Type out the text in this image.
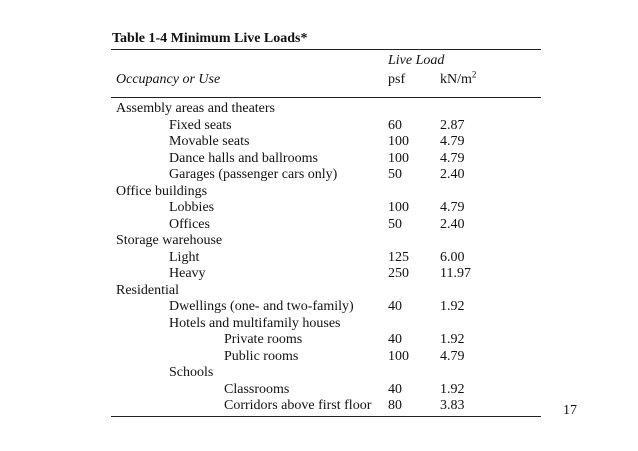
Table 1-4 Minimum Live Loads*
Live Load
Occupancy or Use	psf $kN/m^2$
Assembly areas and theaters
Fixed seats	60	2.87
Movable seats	100 4.79
Dance halls and ballrooms	100 4.79
Garages (passenger cars only)	50	2.40
Office buildings
Lobbies	100 4.79
Offices	50	2.40
Storage warehouse
Light	125 6.00
Heavy	250 11.97
Residential
Dwellings (one- and two-family) 40	1.92
Hotels and multifamily houses
Private rooms	40	1.92
Public rooms	100 4.79
Schools
Classrooms	40	1.92
Corridors above first floor 80	3.83	17
